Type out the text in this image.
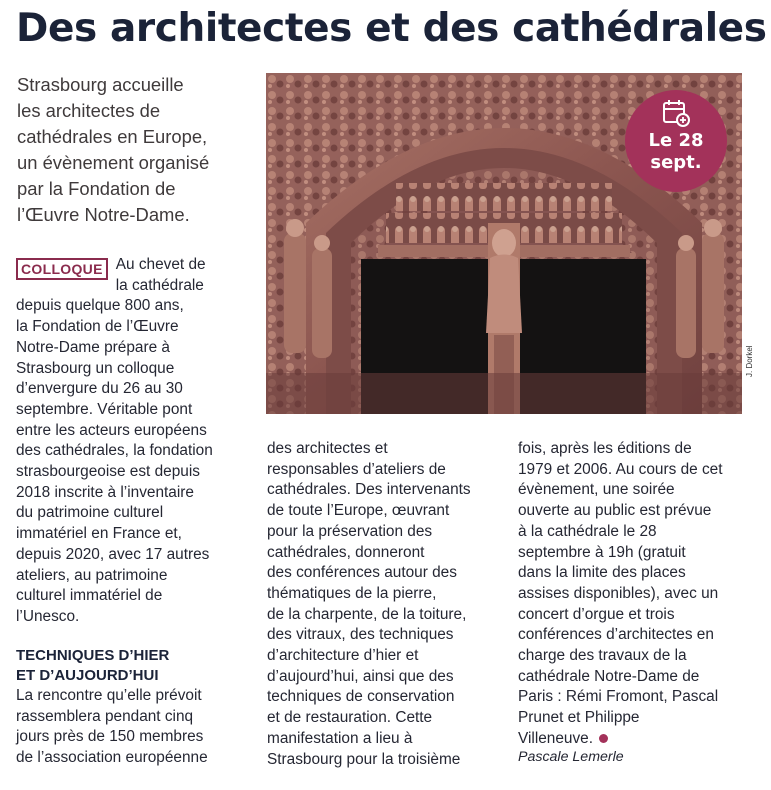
Des architectes et des cathédrales

Strasbourg accueille
les architectes de
cathédrales en Europe,
un évènement organisé
par la Fondation de
l’Œuvre Notre-Dame.

COLLOQUE Au chevet de
la cathédrale
depuis quelque 800 ans,
la Fondation de l’Œuvre
Notre-Dame prépare à
Strasbourg un colloque
d’envergure du 26 au 30
septembre. Véritable pont
entre les acteurs européens
des cathédrales, la fondation
strasbourgeoise est depuis
2018 inscrite à l’inventaire
du patrimoine culturel
immatériel en France et,
depuis 2020, avec 17 autres
ateliers, au patrimoine
culturel immatériel de
l’Unesco.

TECHNIQUES D’HIER
ET D’AUJOURD’HUI

La rencontre qu’elle prévoit
rassemblera pendant cinq
jours près de 150 membres
de l’association européenne

des architectes et
responsables d’ateliers de
cathédrales. Des intervenants
de toute l’Europe, œuvrant
pour la préservation des
cathédrales, donneront
des conférences autour des
thématiques de la pierre,
de la charpente, de la toiture,
des vitraux, des techniques
d’architecture d’hier et
d’aujourd’hui, ainsi que des
techniques de conservation
et de restauration. Cette
manifestation a lieu à
Strasbourg pour la troisième

fois, après les éditions de
1979 et 2006. Au cours de cet
évènement, une soirée
ouverte au public est prévue
à la cathédrale le 28
septembre à 19h (gratuit
dans la limite des places
assises disponibles), avec un
concert d’orgue et trois
conférences d’architectes en
charge des travaux de la
cathédrale Notre-Dame de
Paris : Rémi Fromont, Pascal
Prunet et Philippe
Villeneuve.

Pascale Lemerle
J. Dorkel
Le 28
sept.
